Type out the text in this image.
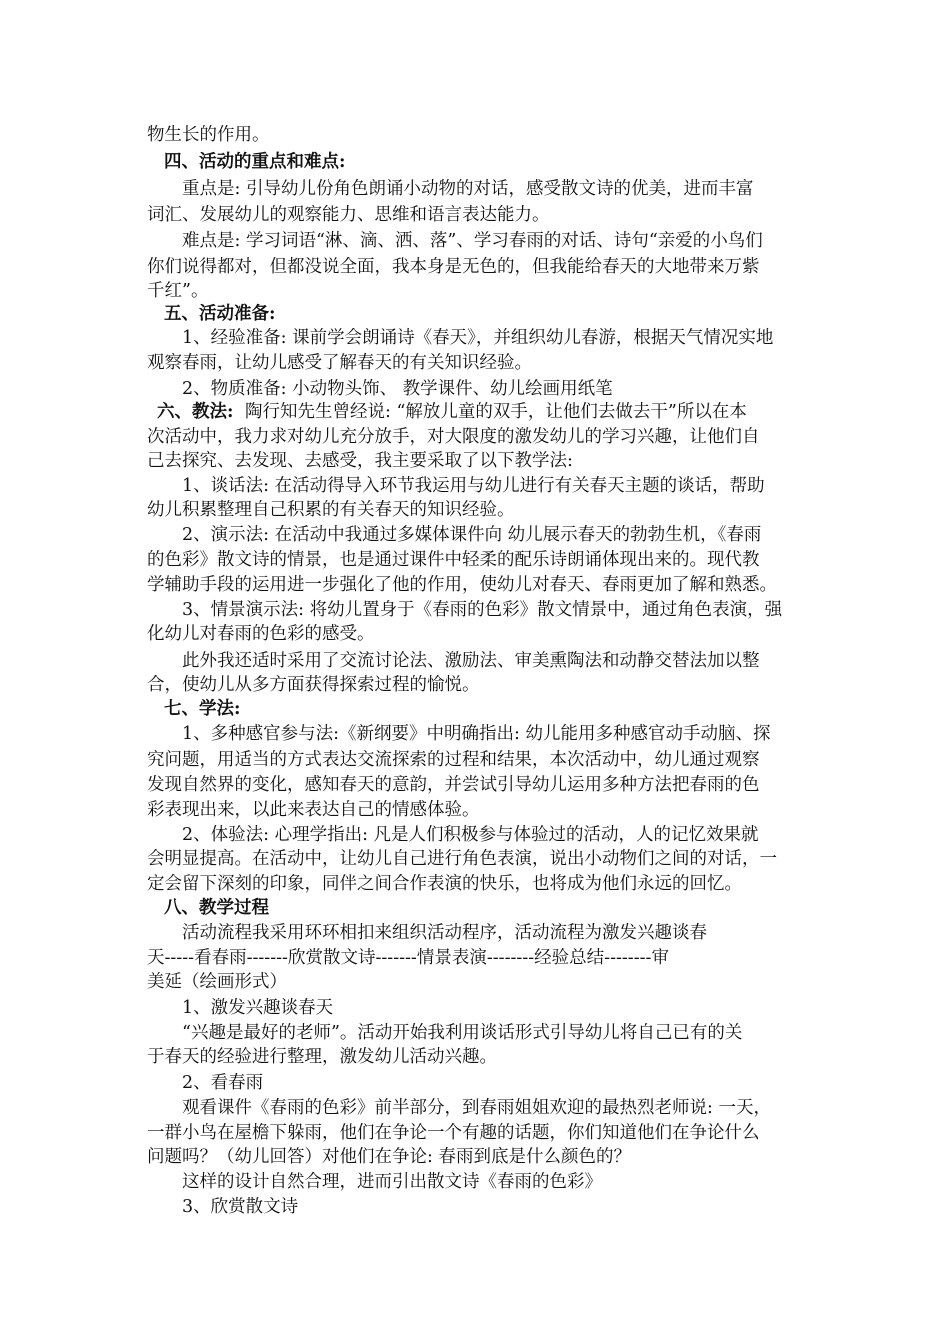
物生长的作用。
四、活动的重点和难点:
重点是: 引导幼儿份角色朗诵小动物的对话，感受散文诗的优美，进而丰富
词汇、发展幼儿的观察能力、思维和语言表达能力。
难点是: 学习词语“淋、滴、洒、落”、学习春雨的对话、诗句“亲爱的小鸟们
你们说得都对，但都没说全面，我本身是无色的，但我能给春天的大地带来万紫
千红”。
五、活动准备:
1、经验准备: 课前学会朗诵诗《春天》，并组织幼儿春游，根据天气情况实地
观察春雨，让幼儿感受了解春天的有关知识经验。
2、物质准备: 小动物头饰、 教学课件、幼儿绘画用纸笔
六、教法: 陶行知先生曾经说: “解放儿童的双手，让他们去做去干”所以在本
次活动中，我力求对幼儿充分放手，对大限度的激发幼儿的学习兴趣，让他们自
己去探究、去发现、去感受，我主要采取了以下教学法:
1、谈话法: 在活动得导入环节我运用与幼儿进行有关春天主题的谈话，帮助
幼儿积累整理自己积累的有关春天的知识经验。
2、演示法: 在活动中我通过多媒体课件向 幼儿展示春天的勃勃生机，《春雨
的色彩》散文诗的情景，也是通过课件中轻柔的配乐诗朗诵体现出来的。现代教
学辅助手段的运用进一步强化了他的作用，使幼儿对春天、春雨更加了解和熟悉。
3、情景演示法: 将幼儿置身于《春雨的色彩》散文情景中，通过角色表演，强
化幼儿对春雨的色彩的感受。
此外我还适时采用了交流讨论法、激励法、审美熏陶法和动静交替法加以整
合，使幼儿从多方面获得探索过程的愉悦。
七、学法:
1、多种感官参与法:《新纲要》中明确指出: 幼儿能用多种感官动手动脑、探
究问题，用适当的方式表达交流探索的过程和结果，本次活动中，幼儿通过观察
发现自然界的变化，感知春天的意韵，并尝试引导幼儿运用多种方法把春雨的色
彩表现出来，以此来表达自己的情感体验。
2、体验法: 心理学指出: 凡是人们积极参与体验过的活动，人的记忆效果就
会明显提高。在活动中，让幼儿自己进行角色表演，说出小动物们之间的对话，一
定会留下深刻的印象，同伴之间合作表演的快乐，也将成为他们永远的回忆。
八、教学过程
活动流程我采用环环相扣来组织活动程序，活动流程为激发兴趣谈春
天-----看春雨-------欣赏散文诗-------情景表演--------经验总结--------审
美延（绘画形式）
1、激发兴趣谈春天
“兴趣是最好的老师”。活动开始我利用谈话形式引导幼儿将自己已有的关
于春天的经验进行整理，激发幼儿活动兴趣。
2、看春雨
观看课件《春雨的色彩》前半部分，到春雨姐姐欢迎的最热烈老师说: 一天，
一群小鸟在屋檐下躲雨，他们在争论一个有趣的话题，你们知道他们在争论什么
问题吗？（幼儿回答）对他们在争论: 春雨到底是什么颜色的？
这样的设计自然合理，进而引出散文诗《春雨的色彩》
3、欣赏散文诗
